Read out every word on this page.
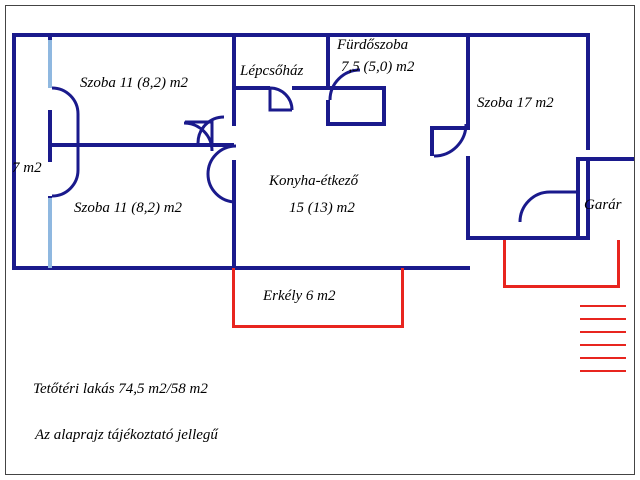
Szoba 11 (8,2) m2
Szoba 11 (8,2) m2
Lépcsőház
Fürdőszoba
7,5 (5,0) m2
Szoba 17 m2
Konyha-étkező
15 (13) m2
7 m2
Garár
Erkély 6 m2
Tetőtéri lakás 74,5 m2/58 m2
Az alaprajz tájékoztató jellegű
